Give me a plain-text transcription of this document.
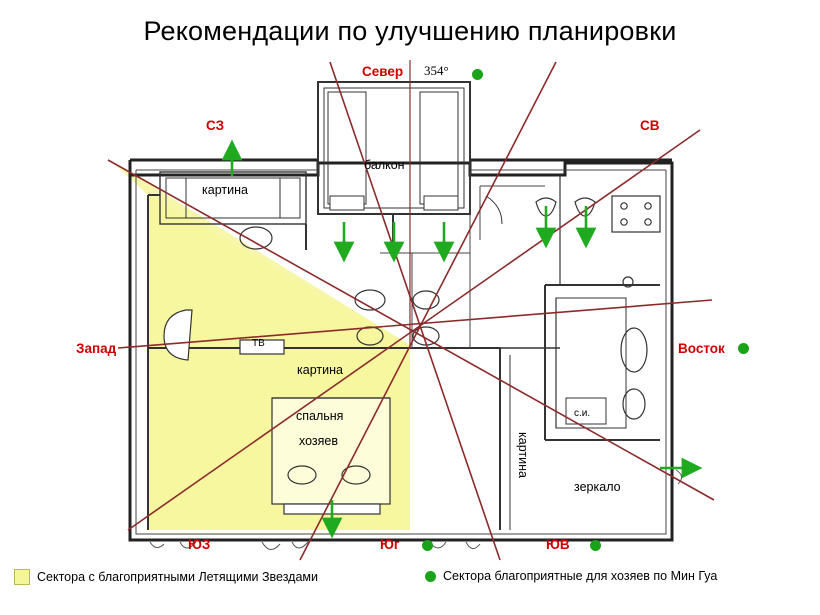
Рекомендации по улучшению планировки
Север 354°
СЗ	СВ
Запад	Восток
ЮЗ	Юг	ЮВ
балкон
картина
картина
картина
спальня
хозяев
ТВ
зеркало
с.и.
Сектора с благоприятными Летящими Звездами	Сектора благоприятные для хозяев по Мин Гуа
